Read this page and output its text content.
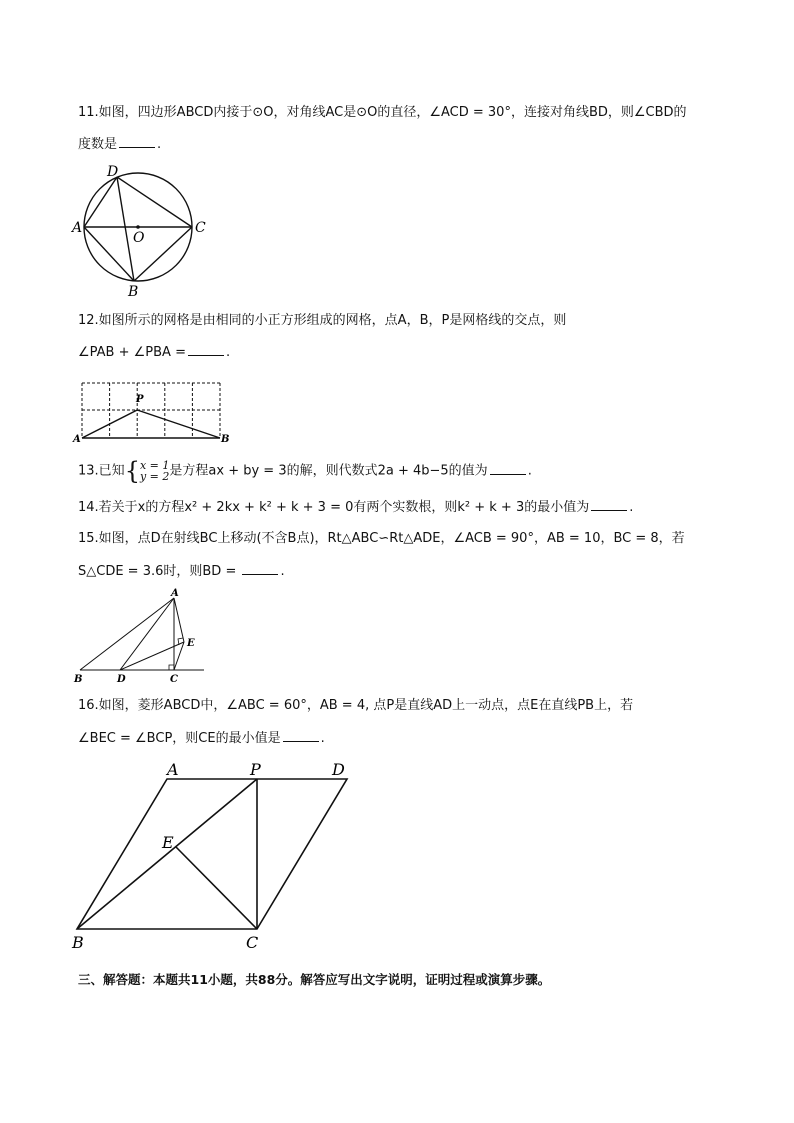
11.如图，四边形ABCD内接于⊙O，对角线AC是⊙O的直径，∠ACD = 30°，连接对角线BD，则∠CBD的
度数是	.
D
A	C
O
B
12.如图所示的网格是由相同的小正方形组成的网格，点A，B，P是网格线的交点，则
∠PAB + ∠PBA =	.
P
A	B
13.已知{x = 1
y = 2是方程ax + by = 3的解，则代数式2a + 4b−5的值为	.
14.若关于x的方程x² + 2kx + k² + k + 3 = 0有两个实数根，则k² + k + 3的最小值为	.
15.如图，点D在射线BC上移动(不含B点)，Rt△ABC∽Rt△ADE，∠ACB = 90°，AB = 10，BC = 8，若
S△CDE = 3.6时，则BD =	.
A
B	D	C
E
16.如图，菱形ABCD中，∠ABC = 60°，AB = 4, 点P是直线AD上一动点，点E在直线PB上，若
∠BEC = ∠BCP，则CE的最小值是	.
A	P	D
E
B	C
三、解答题：本题共11小题，共88分。解答应写出文字说明，证明过程或演算步骤。
